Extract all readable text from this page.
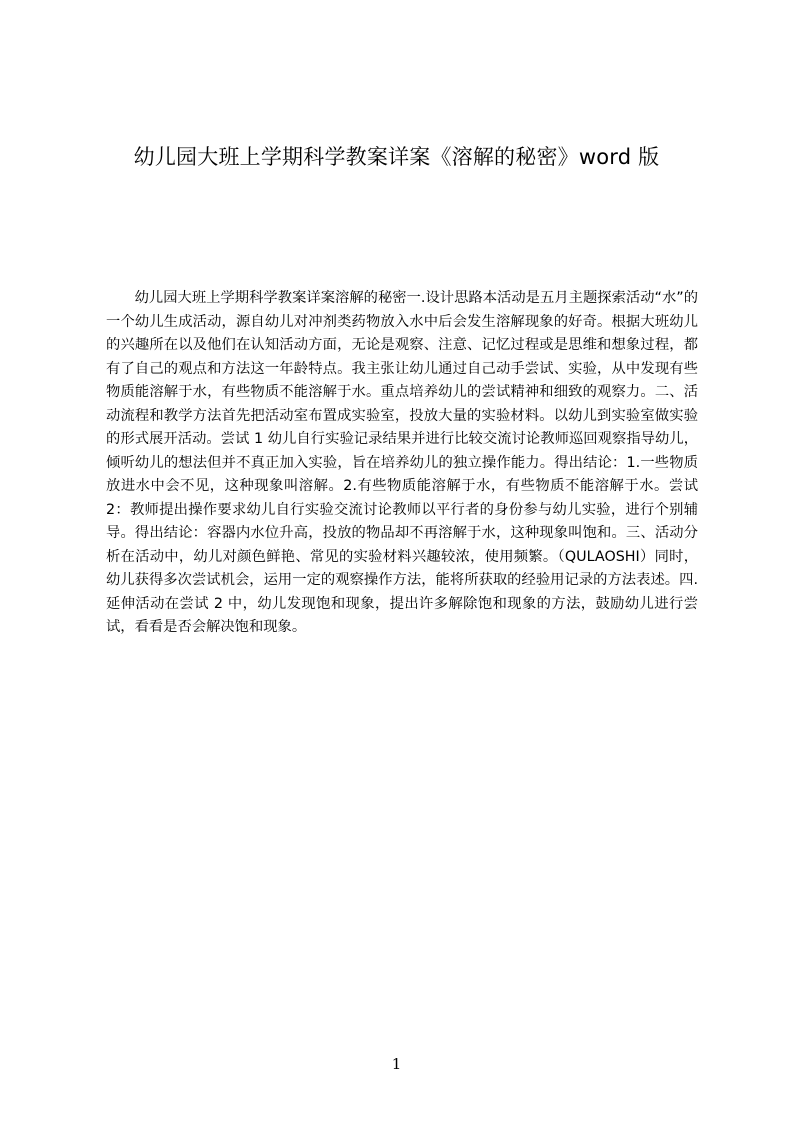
幼儿园大班上学期科学教案详案《溶解的秘密》word 版

幼儿园大班上学期科学教案详案溶解的秘密一.设计思路本活动是五月主题探索活动“水”的一个幼儿生成活动，源自幼儿对冲剂类药物放入水中后会发生溶解现象的好奇。根据大班幼儿的兴趣所在以及他们在认知活动方面，无论是观察、注意、记忆过程或是思维和想象过程，都有了自己的观点和方法这一年龄特点。我主张让幼儿通过自己动手尝试、实验，从中发现有些物质能溶解于水，有些物质不能溶解于水。重点培养幼儿的尝试精神和细致的观察力。二、活动流程和教学方法首先把活动室布置成实验室，投放大量的实验材料。以幼儿到实验室做实验的形式展开活动。尝试 1 幼儿自行实验记录结果并进行比较交流讨论教师巡回观察指导幼儿，倾听幼儿的想法但并不真正加入实验，旨在培养幼儿的独立操作能力。得出结论：1.一些物质放进水中会不见，这种现象叫溶解。2.有些物质能溶解于水，有些物质不能溶解于水。尝试 2：教师提出操作要求幼儿自行实验交流讨论教师以平行者的身份参与幼儿实验，进行个别辅导。得出结论：容器内水位升高，投放的物品却不再溶解于水，这种现象叫饱和。三、活动分析在活动中，幼儿对颜色鲜艳、常见的实验材料兴趣较浓，使用频繁。（QULAOSHI）同时，幼儿获得多次尝试机会，运用一定的观察操作方法，能将所获取的经验用记录的方法表述。四.延伸活动在尝试 2 中，幼儿发现饱和现象，提出许多解除饱和现象的方法，鼓励幼儿进行尝试，看看是否会解决饱和现象。

1
